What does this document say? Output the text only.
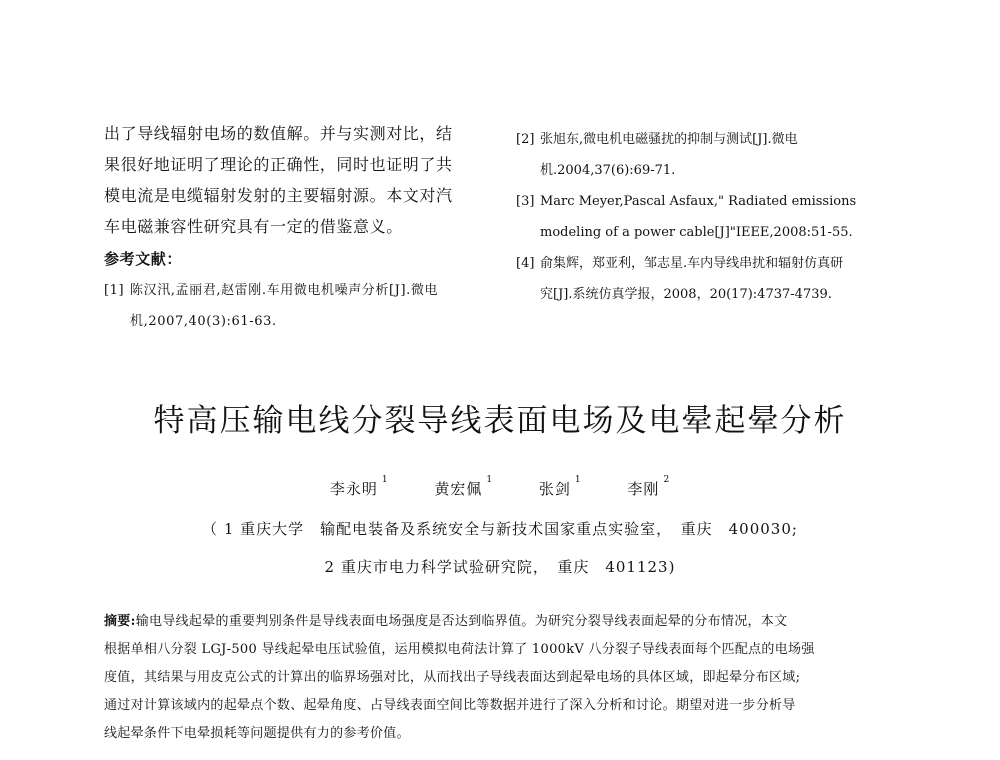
出了导线辐射电场的数值解。并与实测对比，结
果很好地证明了理论的正确性，同时也证明了共
模电流是电缆辐射发射的主要辐射源。本文对汽
车电磁兼容性研究具有一定的借鉴意义。
参考文献：
[1] 陈汉汛,孟丽君,赵雷刚.车用微电机噪声分析[J].微电
机,2007,40(3):61-63.
[2] 张旭东,微电机电磁骚扰的抑制与测试[J].微电
机.2004,37(6):69-71.
[3] Marc Meyer,Pascal Asfaux," Radiated emissions
modeling of a power cable[J]"IEEE,2008:51-55.
[4] 俞集辉，郑亚利，邹志星.车内导线串扰和辐射仿真研
究[J].系统仿真学报，2008，20(17):4737-4739.
特高压输电线分裂导线表面电场及电晕起晕分析
李永明 $^1$	黄宏佩 $^1$	张剑 $^1$	李刚 $^2$
（ 1 重庆大学　输配电装备及系统安全与新技术国家重点实验室，　重庆　400030;
2 重庆市电力科学试验研究院，　重庆　401123)
摘要:输电导线起晕的重要判别条件是导线表面电场强度是否达到临界值。为研究分裂导线表面起晕的分布情况，本文
根据单相八分裂 LGJ-500 导线起晕电压试验值，运用模拟电荷法计算了 1000kV 八分裂子导线表面每个匹配点的电场强
度值，其结果与用皮克公式的计算出的临界场强对比，从而找出子导线表面达到起晕电场的具体区域，即起晕分布区域;
通过对计算该域内的起晕点个数、起晕角度、占导线表面空间比等数据并进行了深入分析和讨论。期望对进一步分析导
线起晕条件下电晕损耗等问题提供有力的参考价值。
